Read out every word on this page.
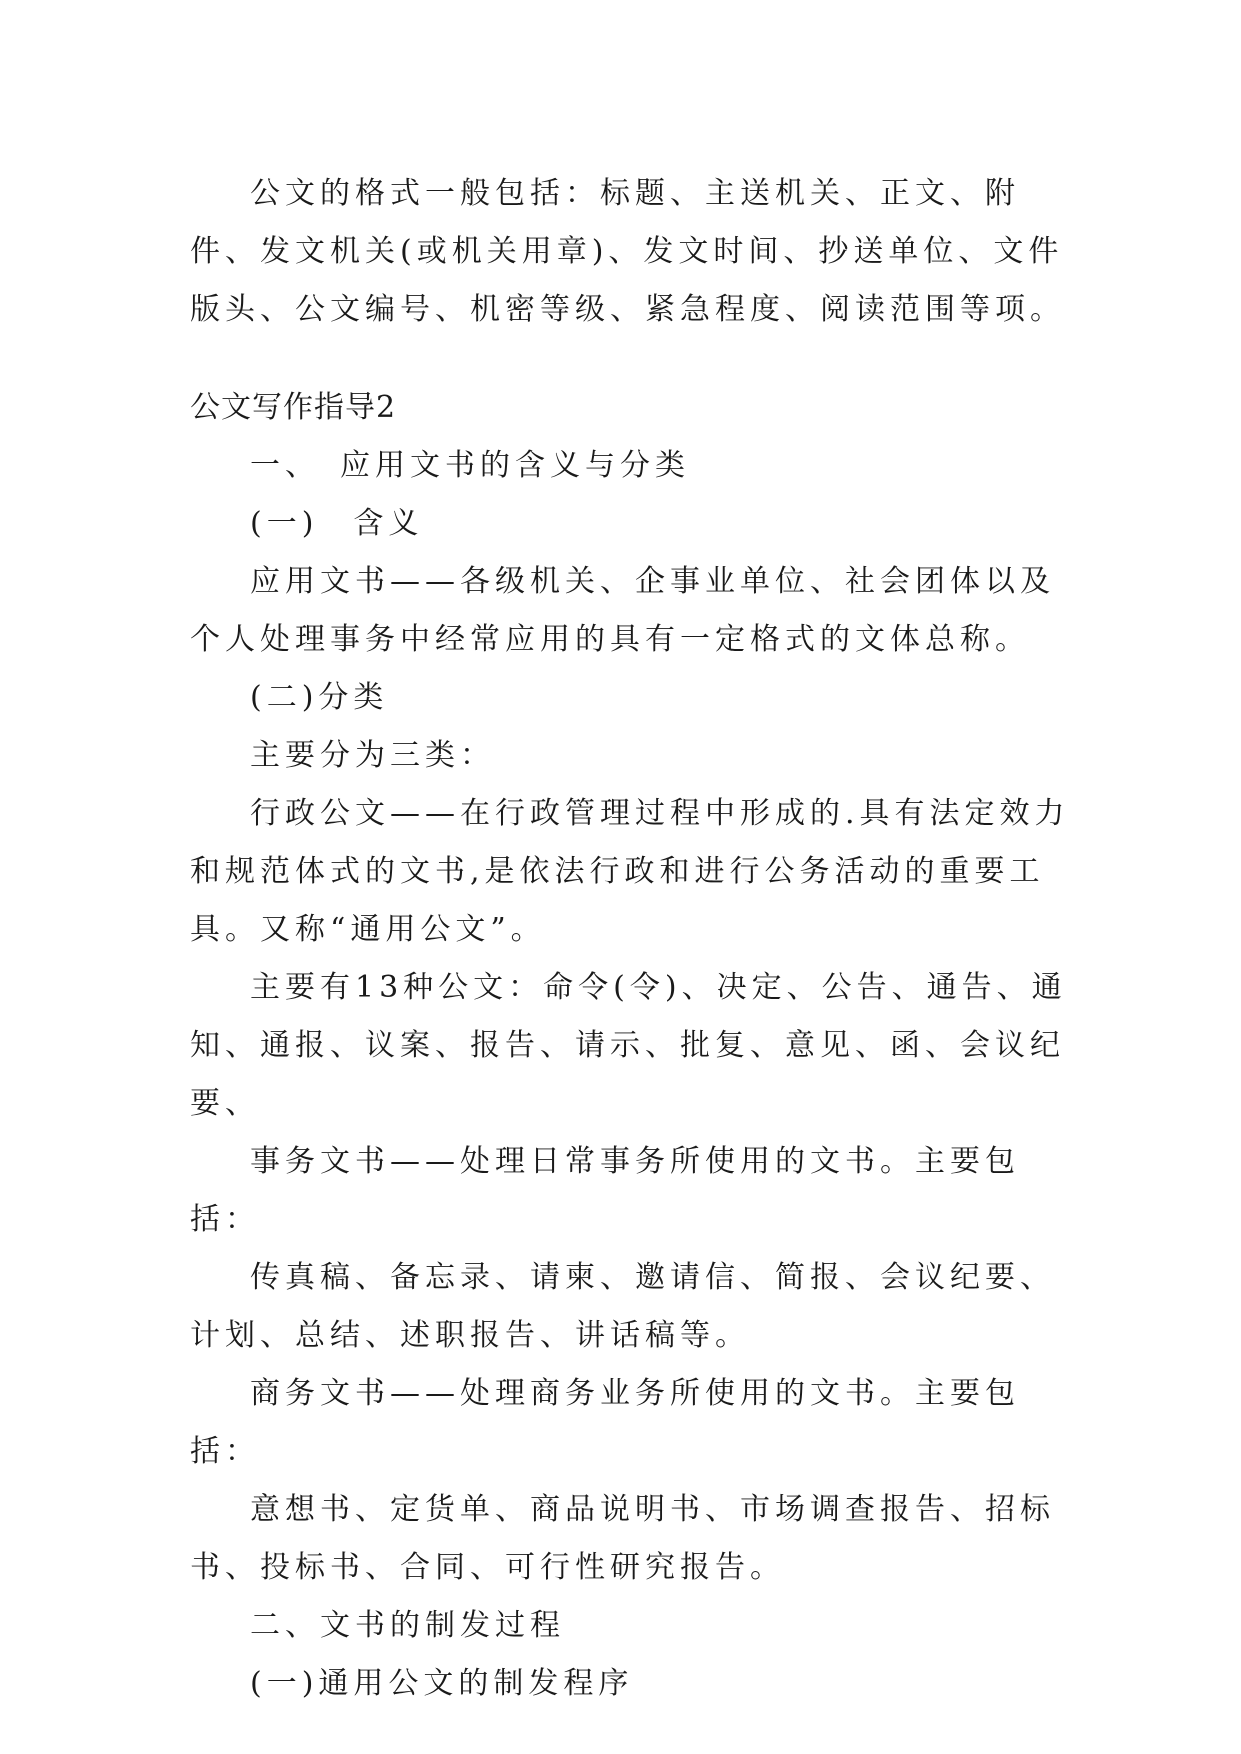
公文的格式一般包括：标题、主送机关、正文、附件、发文机关(或机关用章)、发文时间、抄送单位、文件版头、公文编号、机密等级、紧急程度、阅读范围等项。

公文写作指导2

一、　应用文书的含义与分类

(一)　含义

应用文书——各级机关、企事业单位、社会团体以及个人处理事务中经常应用的具有一定格式的文体总称。

(二)分类

主要分为三类：

行政公文——在行政管理过程中形成的.具有法定效力和规范体式的文书,是依法行政和进行公务活动的重要工具。又称“通用公文”。

主要有13种公文：命令(令)、决定、公告、通告、通知、通报、议案、报告、请示、批复、意见、函、会议纪要、

事务文书——处理日常事务所使用的文书。主要包括：

传真稿、备忘录、请柬、邀请信、简报、会议纪要、计划、总结、述职报告、讲话稿等。

商务文书——处理商务业务所使用的文书。主要包括：

意想书、定货单、商品说明书、市场调查报告、招标书、投标书、合同、可行性研究报告。

二、文书的制发过程

(一)通用公文的制发程序
